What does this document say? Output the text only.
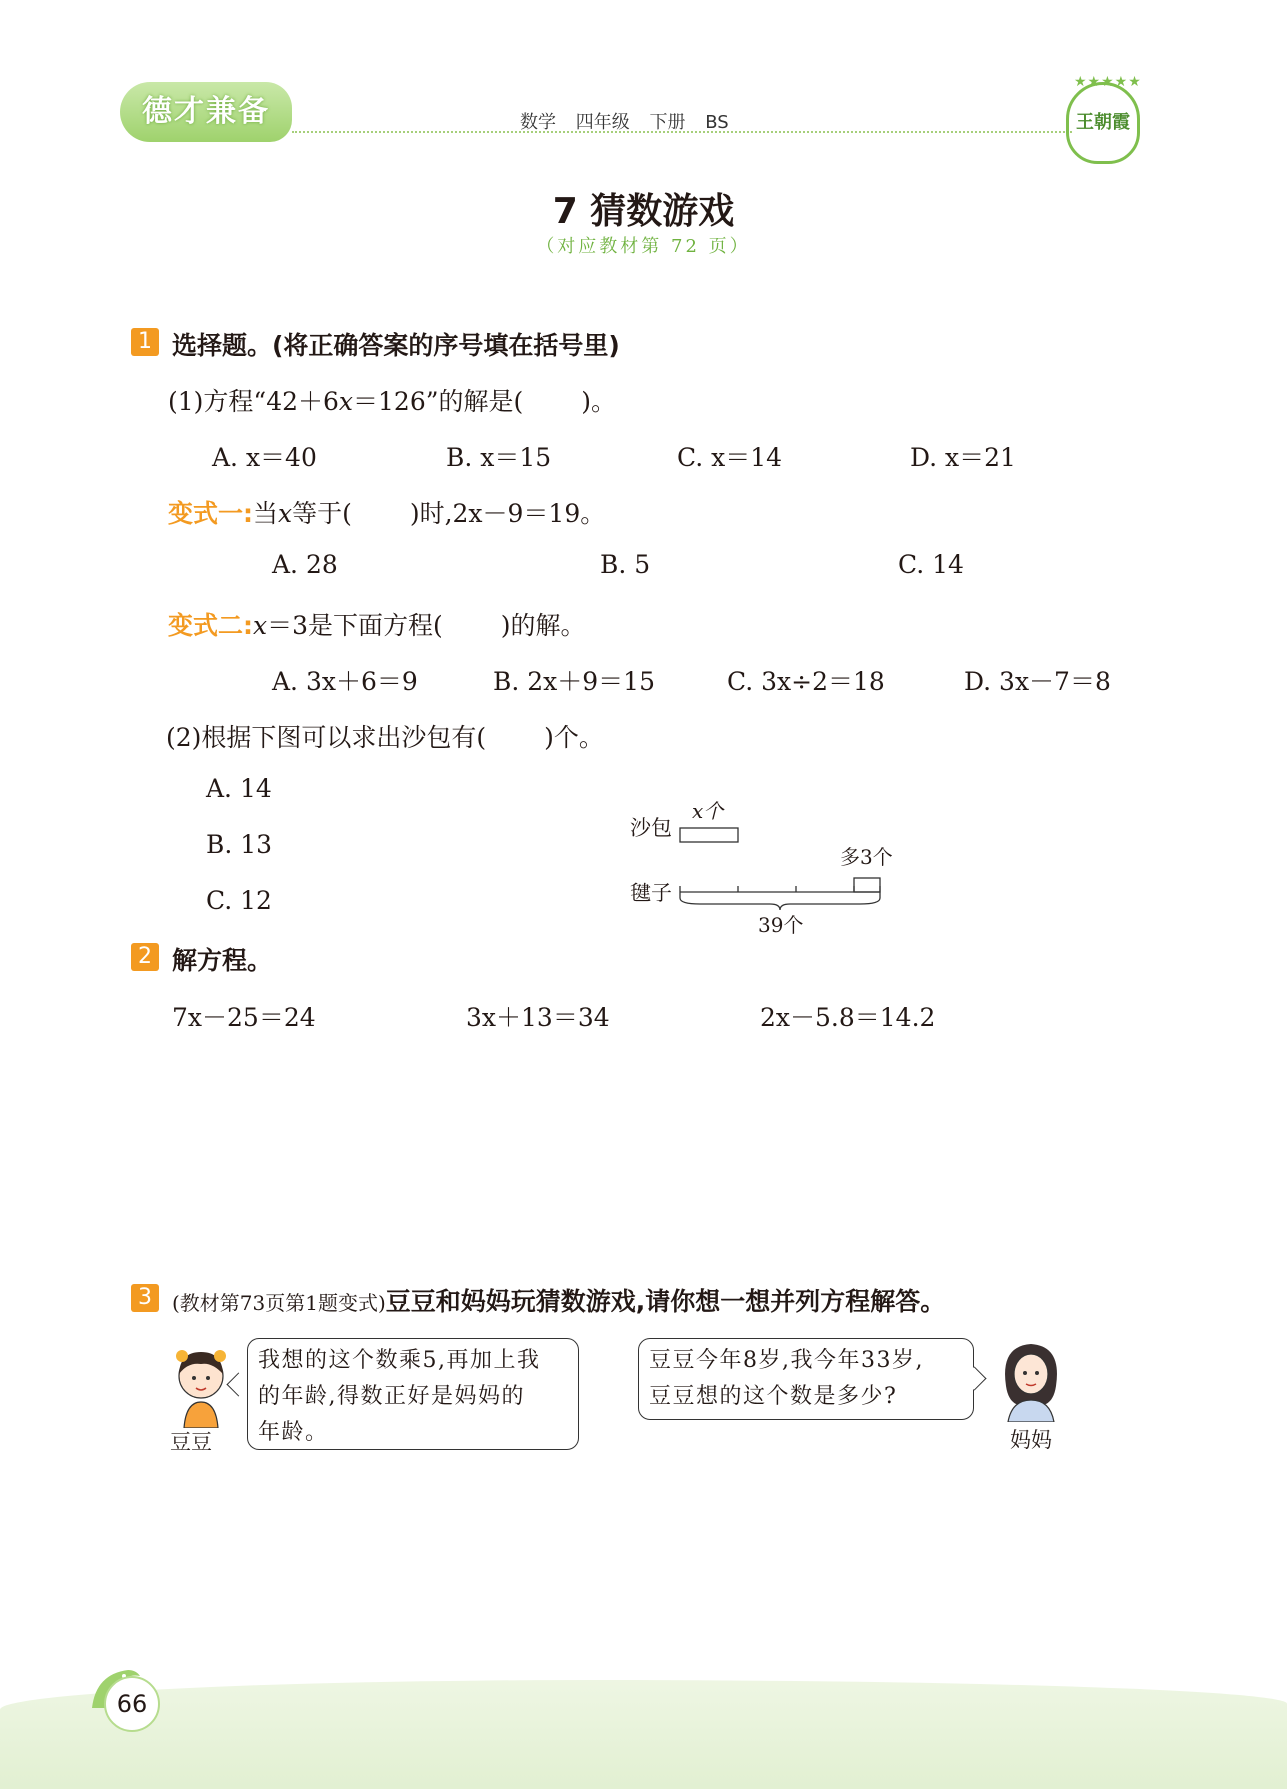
德才兼备	数学 四年级 下册 BS
★★★★★
王朝霞
7 猜数游戏
（对应教材第 72 页）
1 选择题。(将正确答案的序号填在括号里)
(1)方程“42＋6x＝126”的解是(　　 )。
A. x＝40	B. x＝15	C. x＝14	D. x＝21
变式一:当x等于(　　 )时,2x－9＝19。
A. 28	B. 5	C. 14
变式二:x＝3是下面方程(　　 )的解。
A. 3x＋6＝9	B. 2x＋9＝15	C. 3x÷2＝18	D. 3x－7＝8
(2)根据下图可以求出沙包有(　　 )个。
A. 14
B. 13
C. 12
沙包
x个
毽子
多3个
39个
2 解方程。
7x－25＝24	3x＋13＝34	2x－5.8＝14.2
3	(教材第73页第1题变式)豆豆和妈妈玩猜数游戏,请你想一想并列方程解答。
豆豆

我想的这个数乘5,再加上我

的年龄,得数正好是妈妈的

年龄。

豆豆今年8岁,我今年33岁,

豆豆想的这个数是多少?

妈妈
66
